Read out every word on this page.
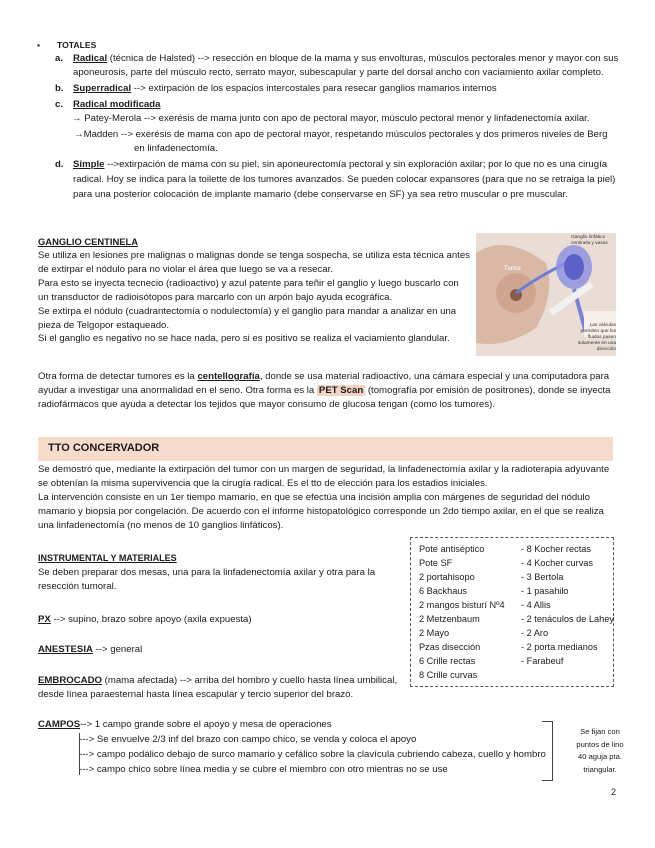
▪ TOTALES
a. Radical (técnica de Halsted) --> resección en bloque de la mama y sus envolturas, músculos pectorales menor y mayor con sus
aponeurosis, parte del músculo recto, serrato mayor, subescapular y parte del dorsal ancho con vaciamiento axilar completo.
b. Superradical --> extirpación de los espacios intercostales para resecar ganglios mamarios internos
c. Radical modificada
→ Patey-Merola --> exerésis de mama junto con apo de pectoral mayor, músculo pectoral menor y linfadenectomía axilar.
→Madden --> exerésis de mama con apo de pectoral mayor, respetando músculos pectorales y dos primeros niveles de Berg
en linfadenectomía.
d. Simple -->extirpación de mama con su piel, sin aponeurectomía pectoral y sin exploración axilar; por lo que no es una cirugía
radical. Hoy se indica para la toilette de los tumores avanzados. Se pueden colocar expansores (para que no se retraiga la piel)
para una posterior colocación de implante mamario (debe conservarse en SF) ya sea retro muscular o pre muscular.
GANGLIO CENTINELA
Se utiliza en lesiones pre malignas o malignas donde se tenga sospecha, se utiliza esta técnica antes
de extirpar el nódulo para no violar el área que luego se va a resecar.
Para esto se inyecta tecnecio (radioactivo) y azul patente para teñir el ganglio y luego buscarlo con
un transductor de radioisótopos para marcarlo con un arpón bajo ayuda ecográfica.
Se extirpa el nódulo (cuadrantectomía o nodulectomía) y el ganglio para mandar a analizar en una
pieza de Telgopor estaqueado.
Si el ganglio es negativo no se hace nada, pero si es positivo se realiza el vaciamiento glandular.
Tumor
Ganglio linfático centinela y vasos
Las válvulas permiten que los fluidos pasen solamente en una dirección
Otra forma de detectar tumores es la centellografía, donde se usa material radioactivo, una cámara especial y una computadora para
ayudar a investigar una anormalidad en el seno. Otra forma es la PET Scan (tomografía por emisión de positrones), donde se inyecta
radiofármacos que ayuda a detectar los tejidos que mayor consumo de glucosa tengan (como los tumores).
TTO CONCERVADOR
Se demostró que, mediante la extirpación del tumor con un margen de seguridad, la linfadenectomía axilar y la radioterapia adyuvante
se obtenían la misma supervivencia que la cirugía radical. Es el tto de elección para los estadios iniciales.
La intervención consiste en un 1er tiempo mamario, en que se efectúa una incisión amplia con márgenes de seguridad del nódulo
mamario y biopsia por congelación. De acuerdo con el informe histopatológico corresponde un 2do tiempo axilar, en el que se realiza
una linfadenectomía (no menos de 10 ganglios linfáticos).
INSTRUMENTAL Y MATERIALES
Se deben preparar dos mesas, una para la linfadenectomía axilar y otra para la
resección tumoral.
Pote antiséptico	- 8 Kocher rectas
Pote SF	- 4 Kocher curvas
2 portahisopo	- 3 Bertola
6 Backhaus	- 1 pasahilo
2 mangos bisturí Nº4 - 4 Allis
2 Metzenbaum	- 2 tenáculos de Lahey
2 Mayo	- 2 Aro
Pzas disección	- 2 porta medianos
6 Crille rectas	- Farabeuf
8 Crille curvas
PX --> supino, brazo sobre apoyo (axila expuesta)
ANESTESIA --> general
EMBROCADO (mama afectada) --> arriba del hombro y cuello hasta línea umbilical,
desde línea paraesternal hasta línea escapular y tercio superior del brazo.
CAMPOS--> 1 campo grande sobre el apoyo y mesa de operaciones
---> Se envuelve 2/3 inf del brazo con campo chico, se venda y coloca el apoyo
---> campo podálico debajo de surco mamario y cefálico sobre la clavícula cubriendo cabeza, cuello y hombro
---> campo chico sobre línea media y se cubre el miembro con otro mientras no se use
Se fijan con
puntos de lino
40 aguja pta.
triangular.
2
